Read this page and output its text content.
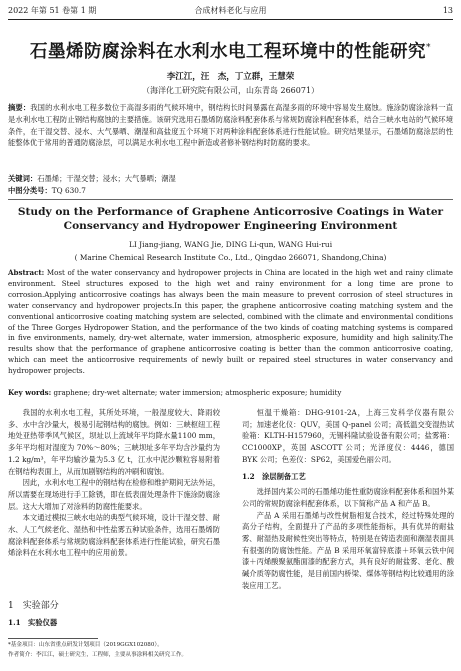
2022 年第 51 卷第 1 期	合成材料老化与应用	13
石墨烯防腐涂料在水利水电工程环境中的性能研究*
李江江，汪　杰，丁立群，王慧荣
（海洋化工研究院有限公司，山东青岛 266071）
摘要：我国的水利水电工程多数位于高湿多雨的气候环境中，钢结构长时间暴露在高湿多雨的环境中容易发生腐蚀。施涂防腐涂涂料一直是水利水电工程防止钢结构腐蚀的主要措施。该研究选用石墨烯防腐涂料配套体系与常规防腐涂料配套体系，结合三峡水电站的气候环境条件，在干湿交替、浸水、大气暴晒、潮湿和高盐度五个环境下对两种涂料配套体系进行性能试验。研究结果显示，石墨烯防腐涂层的性能整体优于常用的普通防腐涂层，可以满足水利水电工程中新造或者修补钢结构时防腐的要求。
关键词：石墨烯；干湿交替；浸水；大气暴晒；潮湿
中图分类号：TQ 630.7
Study on the Performance of Graphene Anticorrosive Coatings in Water Conservancy and Hydropower Engineering Environment
LI Jiang-jiang, WANG Jie, DING Li-qun, WANG Hui-rui
( Marine Chemical Research Institute Co., Ltd., Qingdao 266071, Shandong,China)
Abstract: Most of the water conservancy and hydropower projects in China are located in the high wet and rainy climate environment. Steel structures exposed to the high wet and rainy environment for a long time are prone to corrosion.Applying anticorrosive coatings has always been the main measure to prevent corrosion of steel structures in water conservancy and hydropower projects.In this paper, the graphene anticorrosive coating matching system and the conventional anticorrosive coating matching system are selected, combined with the climate and environmental conditions of the Three Gorges Hydropower Station, and the performance of the two kinds of coating matching systems is compared in five environments, namely, dry-wet alternate, water immersion, atmospheric exposure, humidity and high salinity.The results show that the performance of graphene anticorrosive coating is better than the common anticorrosive coating, which can meet the anticorrosive requirements of newly built or repaired steel structures in water conservancy and hydropower projects.
Key words: graphene; dry-wet alternate; water immersion; atmospheric exposure; humidity

我国的水利水电工程，其所处环境，一般湿度较大、降雨较多、水中含沙量大，极易引起钢结构的腐蚀。例如：三峡枢纽工程地处亚热带季风气候区，坝址以上流域年平均降水量1100 mm，多年平均相对湿度为 70%～80%；三峡坝址多年平均含沙量约为1.2 kg/m³，年平均输沙量为5.3 亿 t，江水中泥沙颗粒容易附着在钢结构表面上，从而加剧钢结构的冲刷和腐蚀。

因此，水利水电工程中的钢结构在检修和维护期间无法外运，所以需要在现场进行手工除锈，即在低表面处理条件下施涂防腐涂层。这大大增加了对涂料的防腐性能要求。

本文通过模拟三峡水电站的典型气候环境，设计干湿交替、耐水、人工气候老化、湿热和中性盐雾五种试验条件，选用石墨烯防腐涂料配套体系与常规防腐涂料配套体系进行性能试验，研究石墨烯涂料在水利水电工程中的应用前景。

1　实验部分
1.1　实验仪器

恒温干燥箱：DHG-9101-2A，上海三发科学仪器有限公司；加速老化仪：QUV，美国 Q-panel 公司；高低温交变湿热试验箱：KLTH-H157960，无锡科隆试验设备有限公司；盐雾箱：CC1000XP，英国 ASCOTT 公司；光泽度仪：4446，德国 BYK 公司；色差仪：SP62，美国爱色丽公司。

1.2　涂层制备工艺

选择国内某公司的石墨烯功能性重防腐涂料配套体系和国外某公司的常规防腐涂料配套体系，以下简称产品 A 和产品 B。

产品 A 采用石墨烯与改性树脂相复合技术，经过特殊处理的高分子结构，全面提升了产品的多项性能指标，具有优异的耐盐雾、耐湿热及耐候性突出等特点，特别是在铸造表面和潮湿表面具有很强的防腐蚀性能。产品 B 采用环氧富锌底漆＋环氧云铁中间漆＋丙烯酸聚氨酯面漆的配套方式，具有良好的耐盐雾、老化、酸碱介质等防腐性能，是目前国内桥梁、煤体等钢结构比较通用的涂装应用工艺。

*基金项目：山东省重点研发计划项目（2019GGX102080）。
作者简介：李江江，硕士研究生，工程师，主要从事涂料相关研究工作。
